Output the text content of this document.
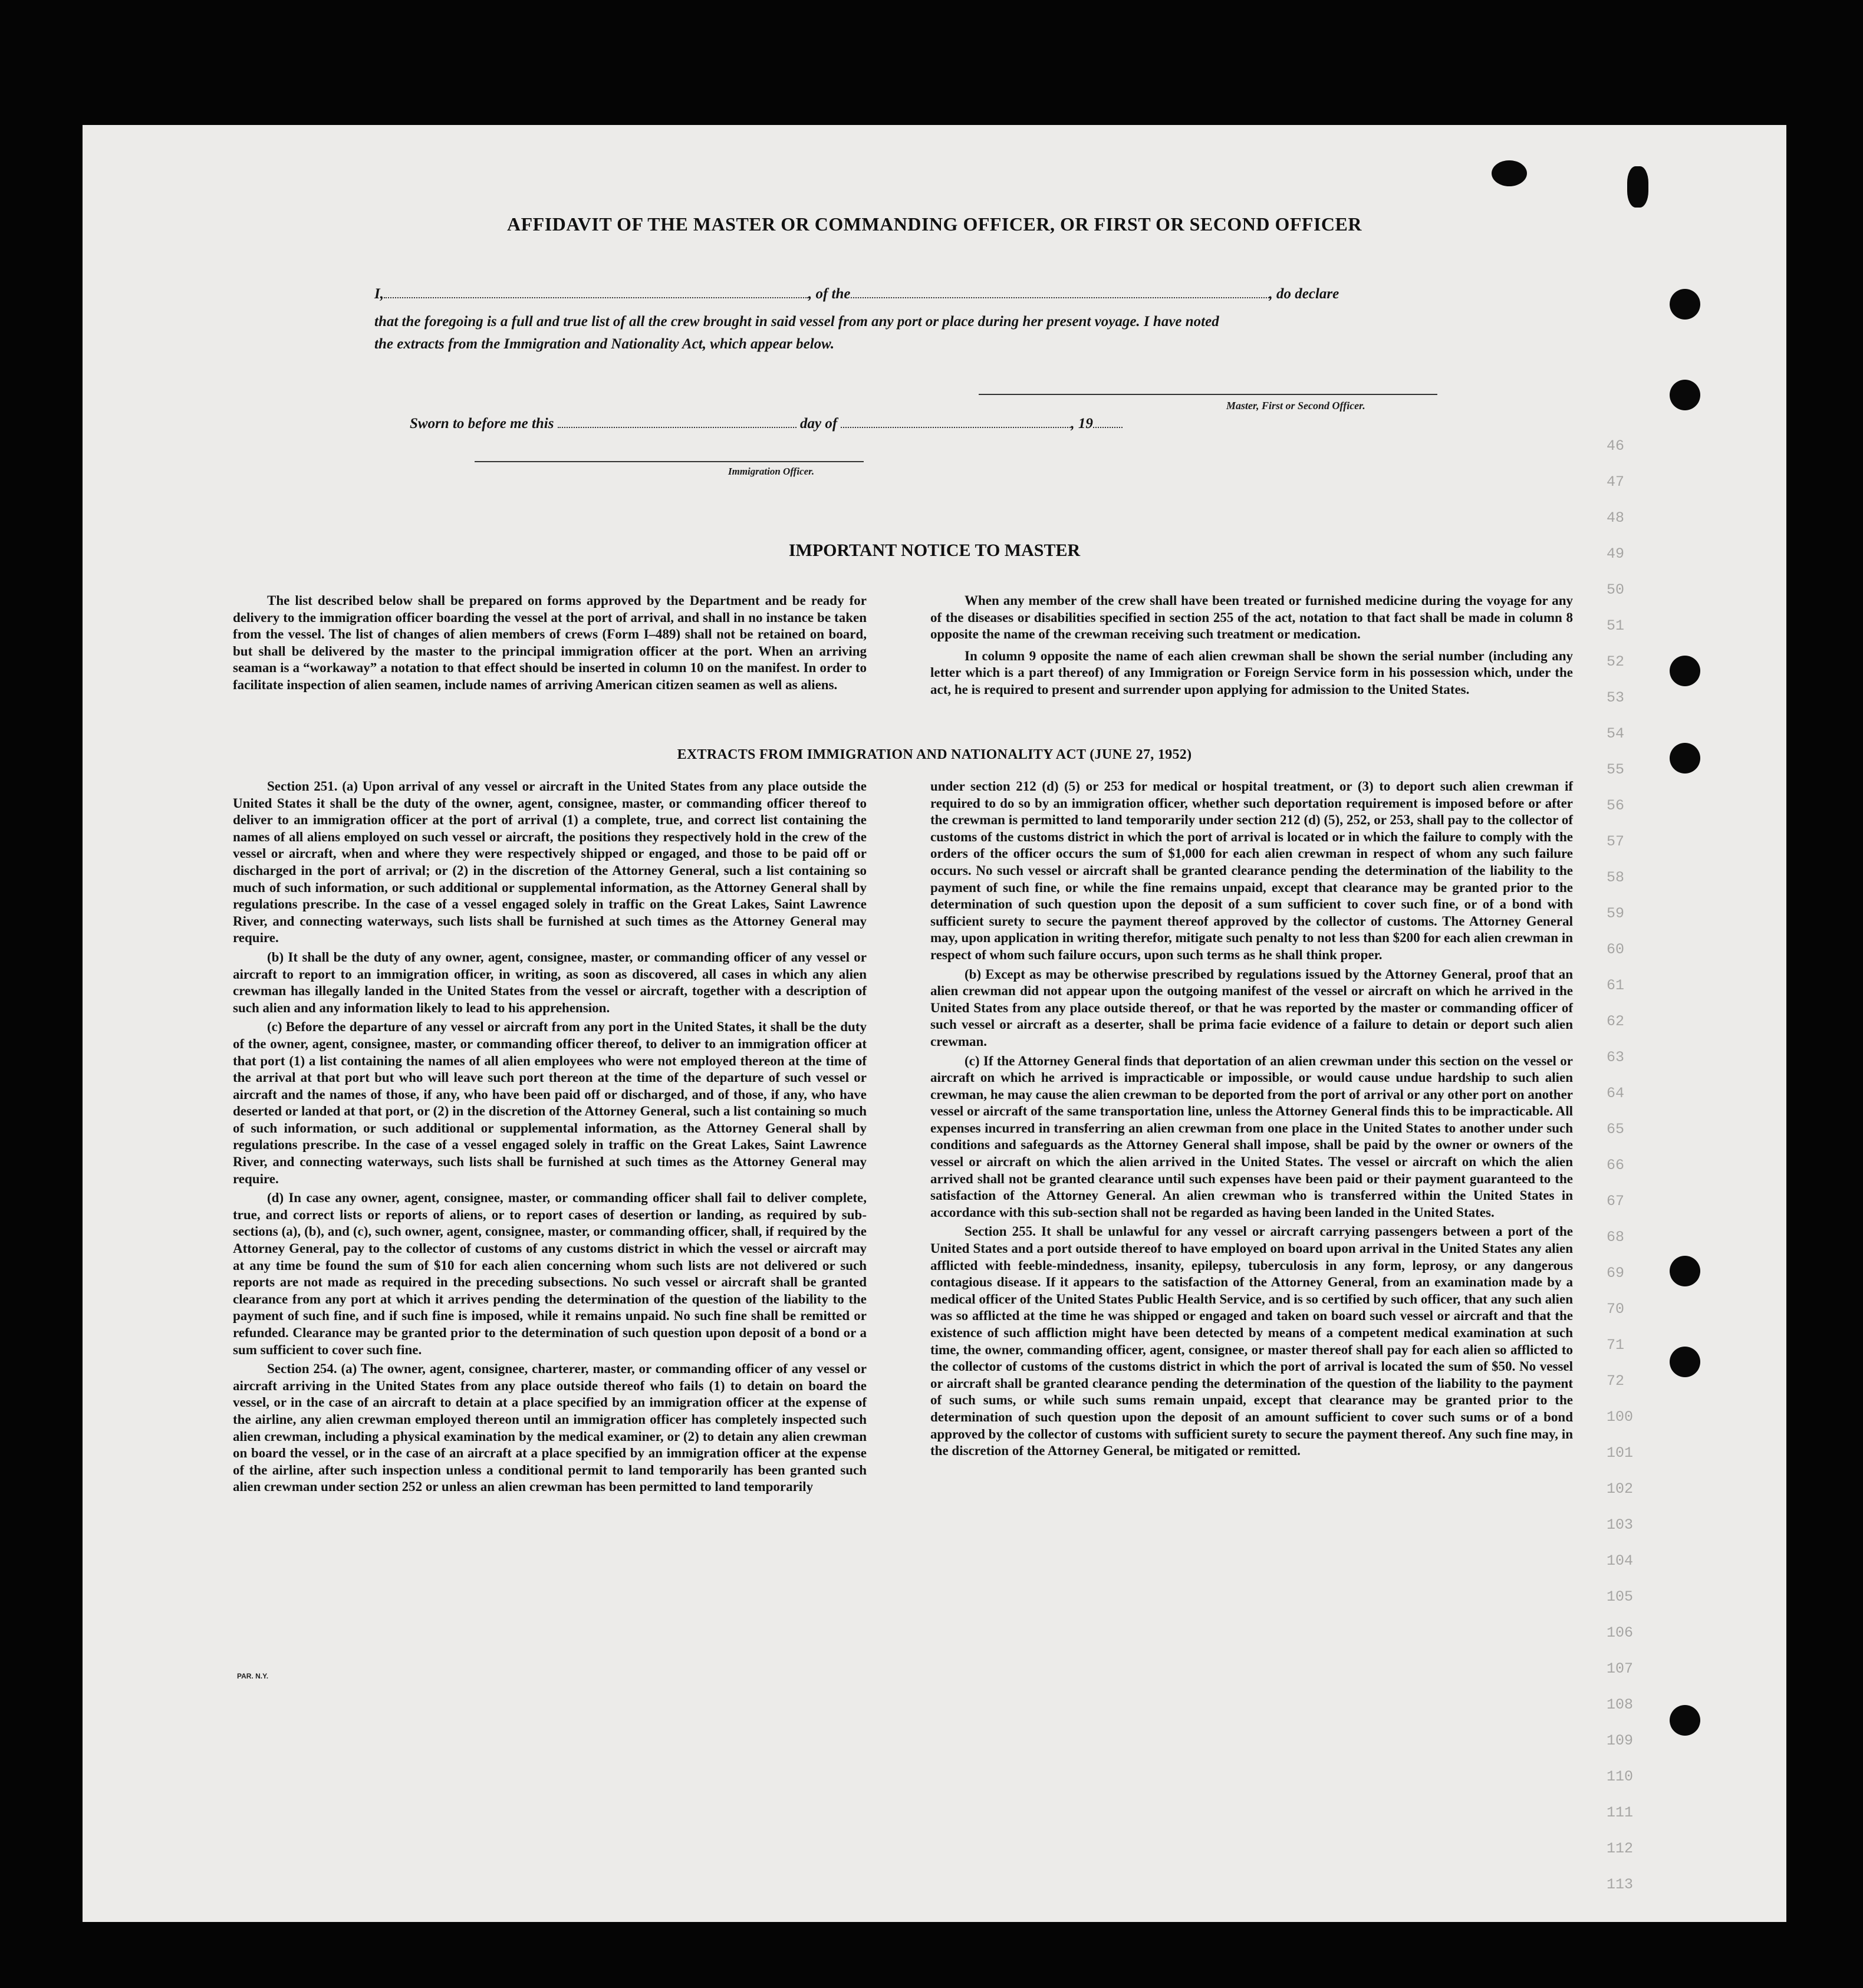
46
47
48
49
50
51
52
53
54
55
56
57
58
59
60
61
62
63
64
65
66
67
68
69
70
71
72
100
101
102
103
104
105
106
107
108
109
110
111
112
113
AFFIDAVIT OF THE MASTER OR COMMANDING OFFICER, OR FIRST OR SECOND OFFICER
I,	, of the	, do declare
that the foregoing is a full and true list of all the crew brought in said vessel from any port or place during her present voyage. I have noted
the extracts from the Immigration and Nationality Act, which appear below.
Master, First or Second Officer.
Sworn to before me this	day of	, 19
Immigration Officer.
IMPORTANT NOTICE TO MASTER

The list described below shall be prepared on forms approved by the Department and be ready for delivery to the immigration officer boarding the vessel at the port of arrival, and shall in no instance be taken from the vessel. The list of changes of alien members of crews (Form I–489) shall not be retained on board, but shall be delivered by the master to the principal immigration officer at the port. When an arriving seaman is a “workaway” a notation to that effect should be inserted in column 10 on the manifest. In order to facilitate inspection of alien seamen, include names of arriving American citizen seamen as well as aliens.

When any member of the crew shall have been treated or furnished medicine during the voyage for any of the diseases or disabilities specified in section 255 of the act, notation to that fact shall be made in column 8 opposite the name of the crewman receiving such treatment or medication.

In column 9 opposite the name of each alien crewman shall be shown the serial number (including any letter which is a part thereof) of any Immigration or Foreign Service form in his possession which, under the act, he is required to present and surrender upon applying for admission to the United States.

EXTRACTS FROM IMMIGRATION AND NATIONALITY ACT (JUNE 27, 1952)

Section 251. (a) Upon arrival of any vessel or aircraft in the United States from any place outside the United States it shall be the duty of the owner, agent, consignee, master, or commanding officer thereof to deliver to an immigration officer at the port of arrival (1) a complete, true, and correct list containing the names of all aliens employed on such vessel or aircraft, the positions they respectively hold in the crew of the vessel or aircraft, when and where they were respectively shipped or engaged, and those to be paid off or discharged in the port of arrival; or (2) in the discretion of the Attorney General, such a list containing so much of such information, or such additional or supplemental information, as the Attorney General shall by regulations prescribe. In the case of a vessel engaged solely in traffic on the Great Lakes, Saint Lawrence River, and connecting waterways, such lists shall be furnished at such times as the Attorney General may require.

(b) It shall be the duty of any owner, agent, consignee, master, or commanding officer of any vessel or aircraft to report to an immigration officer, in writing, as soon as discovered, all cases in which any alien crewman has illegally landed in the United States from the vessel or aircraft, together with a description of such alien and any information likely to lead to his apprehension.

(c) Before the departure of any vessel or aircraft from any port in the United States, it shall be the duty of the owner, agent, consignee, master, or commanding officer thereof, to deliver to an immigration officer at that port (1) a list containing the names of all alien employees who were not employed thereon at the time of the arrival at that port but who will leave such port thereon at the time of the departure of such vessel or aircraft and the names of those, if any, who have been paid off or discharged, and of those, if any, who have deserted or landed at that port, or (2) in the discretion of the Attorney General, such a list containing so much of such information, or such additional or supplemental information, as the Attorney General shall by regulations prescribe. In the case of a vessel engaged solely in traffic on the Great Lakes, Saint Lawrence River, and connecting waterways, such lists shall be furnished at such times as the Attorney General may require.

(d) In case any owner, agent, consignee, master, or commanding officer shall fail to deliver complete, true, and correct lists or reports of aliens, or to report cases of desertion or landing, as required by sub-sections (a), (b), and (c), such owner, agent, consignee, master, or commanding officer, shall, if required by the Attorney General, pay to the collector of customs of any customs district in which the vessel or aircraft may at any time be found the sum of $10 for each alien concerning whom such lists are not delivered or such reports are not made as required in the preceding subsections. No such vessel or aircraft shall be granted clearance from any port at which it arrives pending the determination of the question of the liability to the payment of such fine, and if such fine is imposed, while it remains unpaid. No such fine shall be remitted or refunded. Clearance may be granted prior to the determination of such question upon deposit of a bond or a sum sufficient to cover such fine.

Section 254. (a) The owner, agent, consignee, charterer, master, or commanding officer of any vessel or aircraft arriving in the United States from any place outside thereof who fails (1) to detain on board the vessel, or in the case of an aircraft to detain at a place specified by an immigration officer at the expense of the airline, any alien crewman employed thereon until an immigration officer has completely inspected such alien crewman, including a physical examination by the medical examiner, or (2) to detain any alien crewman on board the vessel, or in the case of an aircraft at a place specified by an immigration officer at the expense of the airline, after such inspection unless a conditional permit to land temporarily has been granted such alien crewman under section 252 or unless an alien crewman has been permitted to land temporarily

under section 212 (d) (5) or 253 for medical or hospital treatment, or (3) to deport such alien crewman if required to do so by an immigration officer, whether such deportation requirement is imposed before or after the crewman is permitted to land temporarily under section 212 (d) (5), 252, or 253, shall pay to the collector of customs of the customs district in which the port of arrival is located or in which the failure to comply with the orders of the officer occurs the sum of $1,000 for each alien crewman in respect of whom any such failure occurs. No such vessel or aircraft shall be granted clearance pending the determination of the liability to the payment of such fine, or while the fine remains unpaid, except that clearance may be granted prior to the determination of such question upon the deposit of a sum sufficient to cover such fine, or of a bond with sufficient surety to secure the payment thereof approved by the collector of customs. The Attorney General may, upon application in writing therefor, mitigate such penalty to not less than $200 for each alien crewman in respect of whom such failure occurs, upon such terms as he shall think proper.

(b) Except as may be otherwise prescribed by regulations issued by the Attorney General, proof that an alien crewman did not appear upon the outgoing manifest of the vessel or aircraft on which he arrived in the United States from any place outside thereof, or that he was reported by the master or commanding officer of such vessel or aircraft as a deserter, shall be prima facie evidence of a failure to detain or deport such alien crewman.

(c) If the Attorney General finds that deportation of an alien crewman under this section on the vessel or aircraft on which he arrived is impracticable or impossible, or would cause undue hardship to such alien crewman, he may cause the alien crewman to be deported from the port of arrival or any other port on another vessel or aircraft of the same transportation line, unless the Attorney General finds this to be impracticable. All expenses incurred in transferring an alien crewman from one place in the United States to another under such conditions and safeguards as the Attorney General shall impose, shall be paid by the owner or owners of the vessel or aircraft on which the alien arrived in the United States. The vessel or aircraft on which the alien arrived shall not be granted clearance until such expenses have been paid or their payment guaranteed to the satisfaction of the Attorney General. An alien crewman who is transferred within the United States in accordance with this sub-section shall not be regarded as having been landed in the United States.

Section 255. It shall be unlawful for any vessel or aircraft carrying passengers between a port of the United States and a port outside thereof to have employed on board upon arrival in the United States any alien afflicted with feeble-mindedness, insanity, epilepsy, tuberculosis in any form, leprosy, or any dangerous contagious disease. If it appears to the satisfaction of the Attorney General, from an examination made by a medical officer of the United States Public Health Service, and is so certified by such officer, that any such alien was so afflicted at the time he was shipped or engaged and taken on board such vessel or aircraft and that the existence of such affliction might have been detected by means of a competent medical examination at such time, the owner, commanding officer, agent, consignee, or master thereof shall pay for each alien so afflicted to the collector of customs of the customs district in which the port of arrival is located the sum of $50. No vessel or aircraft shall be granted clearance pending the determination of the question of the liability to the payment of such sums, or while such sums remain unpaid, except that clearance may be granted prior to the determination of such question upon the deposit of an amount sufficient to cover such sums or of a bond approved by the collector of customs with sufficient surety to secure the payment thereof. Any such fine may, in the discretion of the Attorney General, be mitigated or remitted.

PAR. N.Y.
